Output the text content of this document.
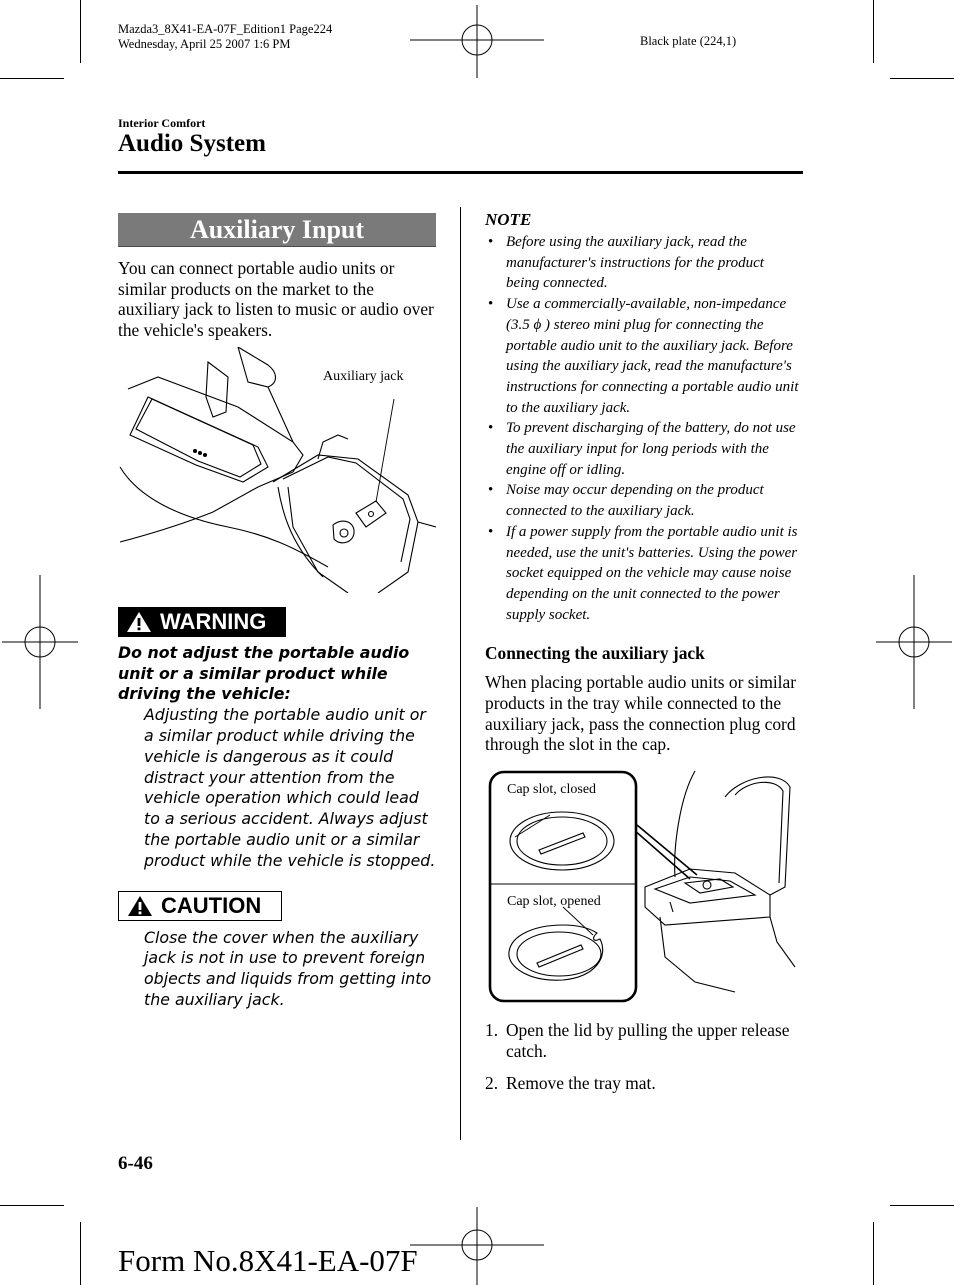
Mazda3_8X41-EA-07F_Edition1 Page224
Wednesday, April 25 2007 1:6 PM	Black plate (224,1)
Interior Comfort
Audio System
Auxiliary Input
You can connect portable audio units or similar products on the market to the auxiliary jack to listen to music or audio over the vehicle's speakers.
Auxiliary jack
WARNING
Do not adjust the portable audio unit or a similar product while driving the vehicle:
Adjusting the portable audio unit or a similar product while driving the vehicle is dangerous as it could distract your attention from the vehicle operation which could lead to a serious accident. Always adjust the portable audio unit or a similar product while the vehicle is stopped.
CAUTION
Close the cover when the auxiliary jack is not in use to prevent foreign objects and liquids from getting into the auxiliary jack.
NOTE
• Before using the auxiliary jack, read the manufacturer's instructions for the product being connected.
• Use a commercially-available, non-impedance (3.5 ϕ ) stereo mini plug for connecting the portable audio unit to the auxiliary jack. Before using the auxiliary jack, read the manufacture's instructions for connecting a portable audio unit to the auxiliary jack.
• To prevent discharging of the battery, do not use the auxiliary input for long periods with the engine off or idling.
• Noise may occur depending on the product connected to the auxiliary jack.
• If a power supply from the portable audio unit is needed, use the unit's batteries. Using the power socket equipped on the vehicle may cause noise depending on the unit connected to the power supply socket.
Connecting the auxiliary jack
When placing portable audio units or similar products in the tray while connected to the auxiliary jack, pass the connection plug cord through the slot in the cap.
Cap slot, closed
Cap slot, opened
1. Open the lid by pulling the upper release catch.
2. Remove the tray mat.
6-46
Form No.8X41-EA-07F
